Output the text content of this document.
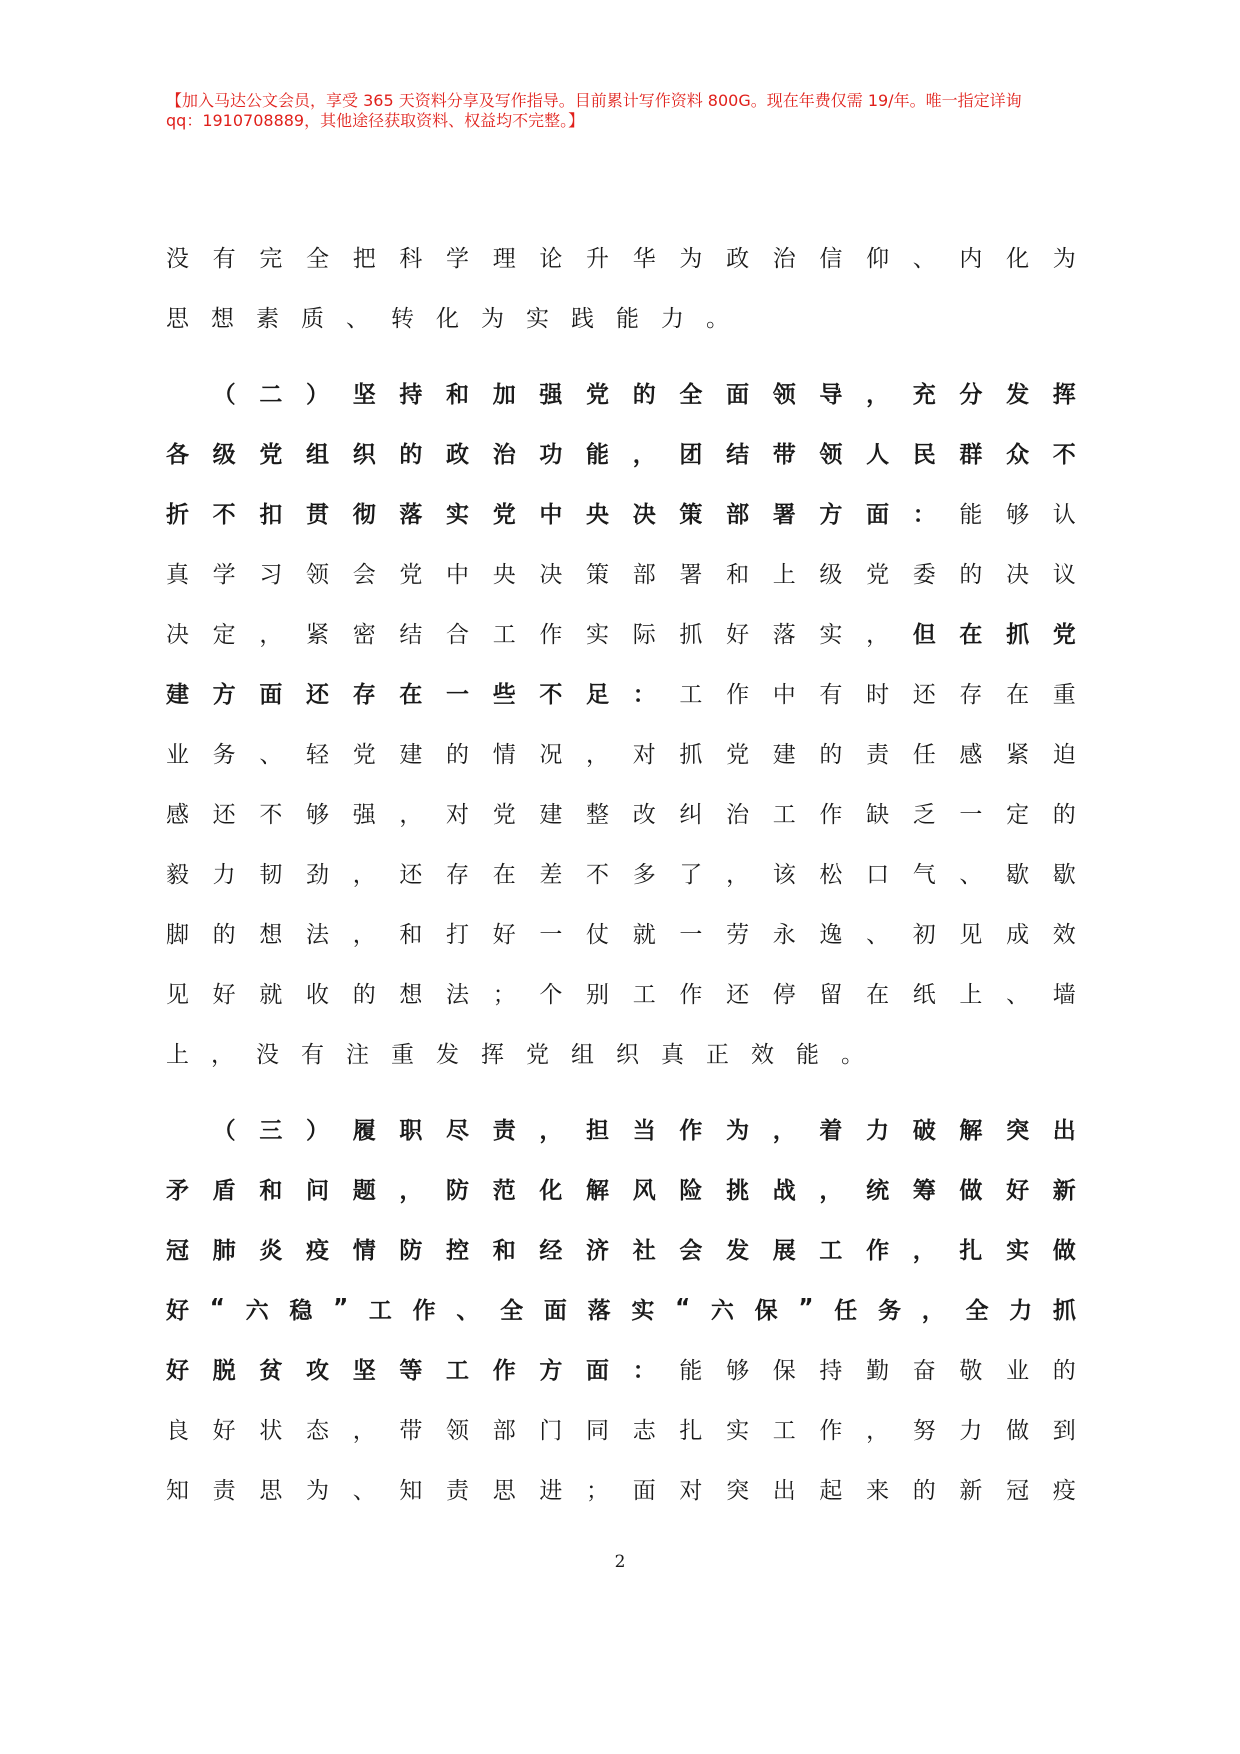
【加入马达公文会员，享受 365 天资料分享及写作指导。目前累计写作资料 800G。现在年费仅需 19/年。唯一指定详询
qq：1910708889，其他途径获取资料、权益均不完整。】
没 有 完 全 把 科 学 理 论 升 华 为 政 治 信 仰 、 内 化 为
思 想 素 质 、 转 化 为 实 践 能 力 。

（ 二 ） 坚 持 和 加 强 党 的 全 面 领 导 ， 充 分 发 挥
各 级 党 组 织 的 政 治 功 能 ， 团 结 带 领 人 民 群 众 不
折 不 扣 贯 彻 落 实 党 中 央 决 策 部 署 方 面 ： 能 够 认
真 学 习 领 会 党 中 央 决 策 部 署 和 上 级 党 委 的 决 议
决 定 ， 紧 密 结 合 工 作 实 际 抓 好 落 实 ， 但 在 抓 党
建 方 面 还 存 在 一 些 不 足 ： 工 作 中 有 时 还 存 在 重
业 务 、 轻 党 建 的 情 况 ， 对 抓 党 建 的 责 任 感 紧 迫
感 还 不 够 强 ， 对 党 建 整 改 纠 治 工 作 缺 乏 一 定 的
毅 力 韧 劲 ， 还 存 在 差 不 多 了 ， 该 松 口 气 、 歇 歇
脚 的 想 法 ， 和 打 好 一 仗 就 一 劳 永 逸 、 初 见 成 效
见 好 就 收 的 想 法 ； 个 别 工 作 还 停 留 在 纸 上 、 墙
上 ， 没 有 注 重 发 挥 党 组 织 真 正 效 能 。

（ 三 ） 履 职 尽 责 ， 担 当 作 为 ， 着 力 破 解 突 出
矛 盾 和 问 题 ， 防 范 化 解 风 险 挑 战 ， 统 筹 做 好 新
冠 肺 炎 疫 情 防 控 和 经 济 社 会 发 展 工 作 ， 扎 实 做
好 “ 六 稳 ” 工 作 、 全 面 落 实 “ 六 保 ” 任 务 ， 全 力 抓
好 脱 贫 攻 坚 等 工 作 方 面 ： 能 够 保 持 勤 奋 敬 业 的
良 好 状 态 ， 带 领 部 门 同 志 扎 实 工 作 ， 努 力 做 到
知 责 思 为 、 知 责 思 进 ； 面 对 突 出 起 来 的 新 冠 疫
2
